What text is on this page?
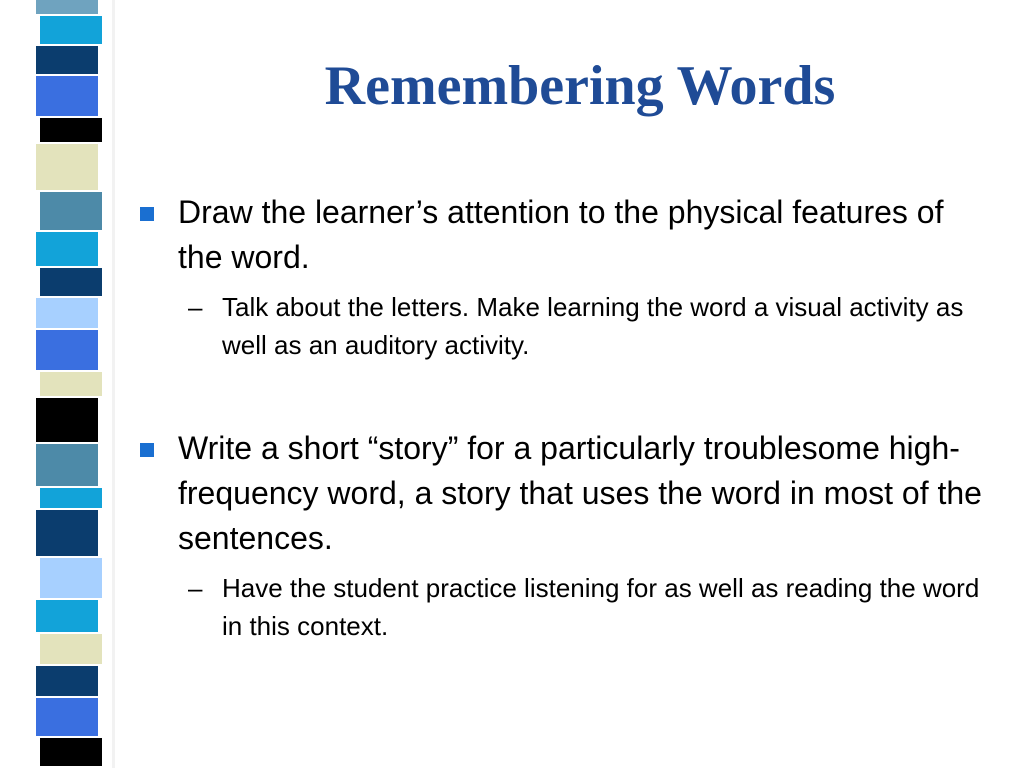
Remembering Words
Draw the learner’s attention to the physical features of the word.
– Talk about the letters. Make learning the word a visual activity as well as an auditory activity.
Write a short “story” for a particularly troublesome high-frequency word, a story that uses the word in most of the sentences.
– Have the student practice listening for as well as reading the word in this context.
